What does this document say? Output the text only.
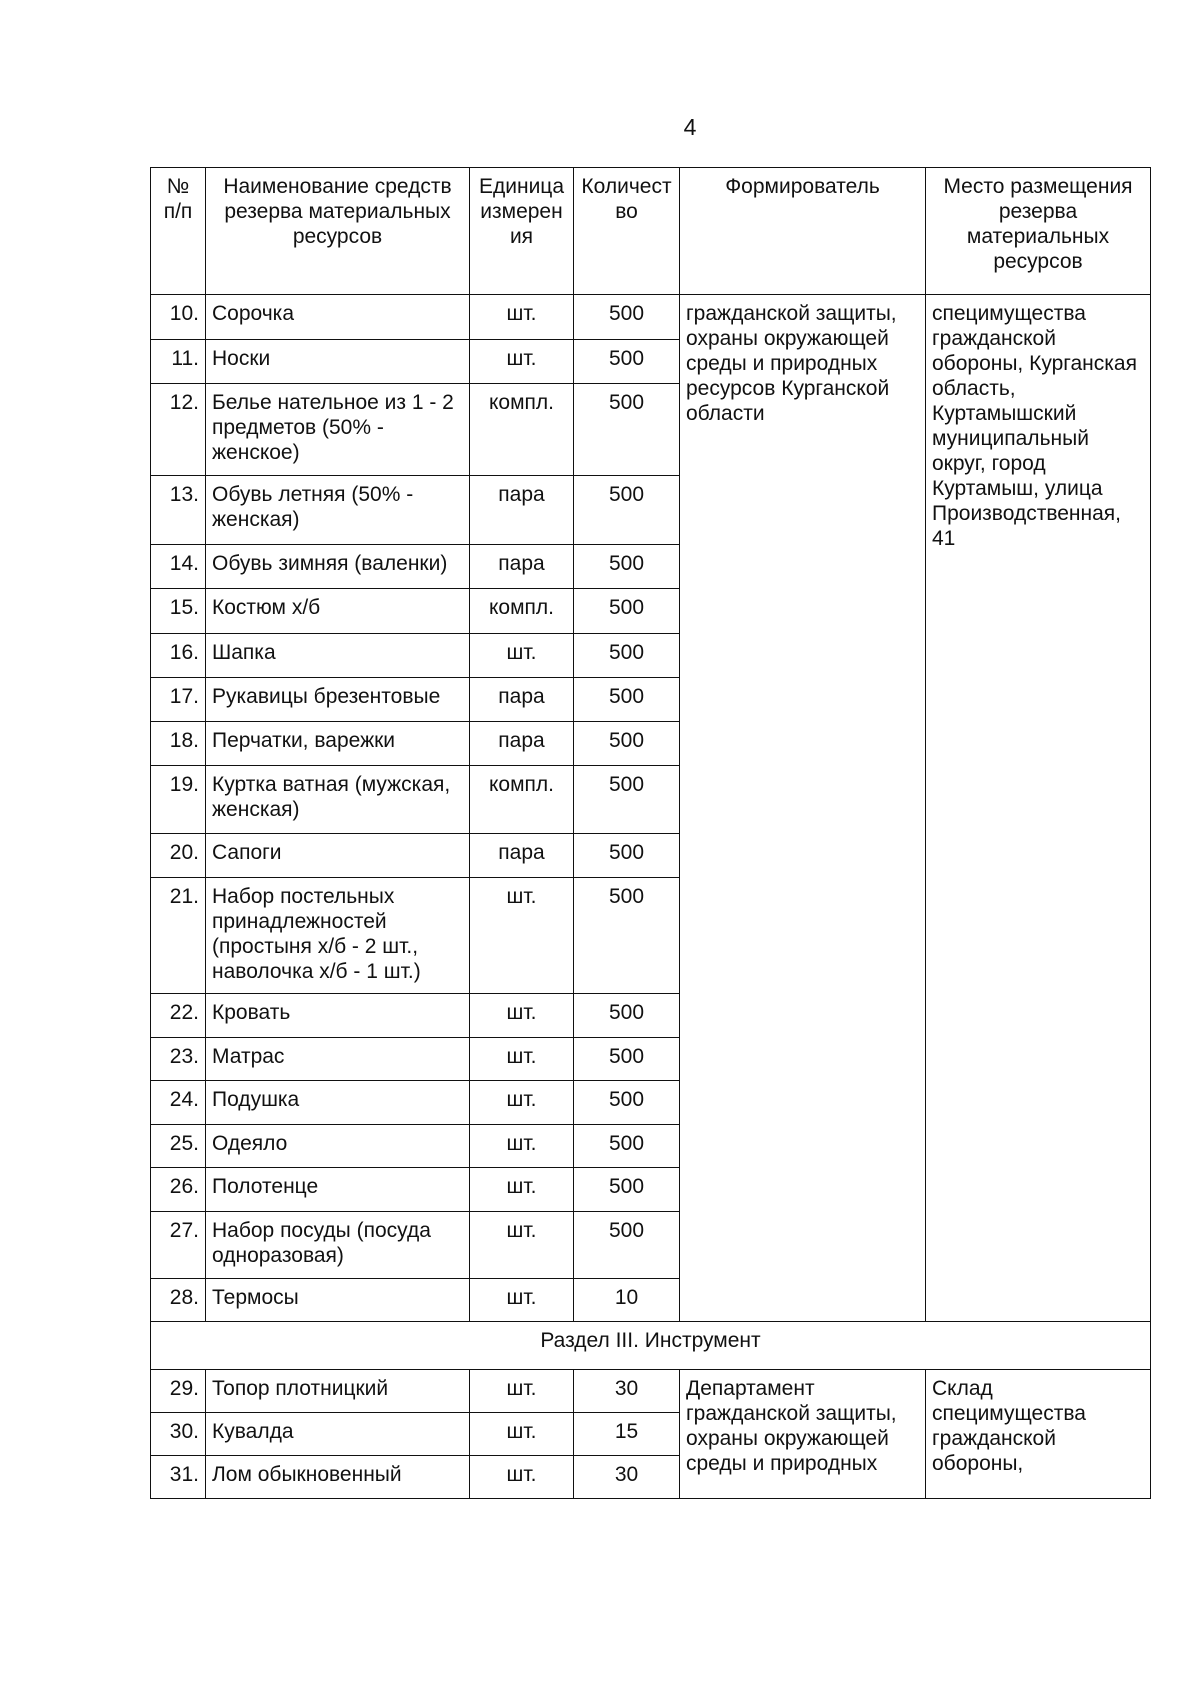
4
№ п/п	Наименование средств резерва материальных ресурсов	Единица измерен ия	Количест во	Формирователь	Место размещения резерва материальных ресурсов
10.	Сорочка	шт.	500	гражданской защиты, охраны окружающей среды и природных ресурсов Курганской области	специмущества гражданской обороны, Курганская область, Куртамышский муниципальный округ, город Куртамыш, улица Производственная, 41
11.	Носки	шт.	500		
12.	Белье нательное из 1 - 2 предметов (50% - женское)	компл.	500		
13.	Обувь летняя (50% - женская)	пара	500		
14.	Обувь зимняя (валенки)	пара	500		
15.	Костюм х/б	компл.	500		
16.	Шапка	шт.	500		
17.	Рукавицы брезентовые	пара	500		
18.	Перчатки, варежки	пара	500		
19.	Куртка ватная (мужская, женская)	компл.	500		
20.	Сапоги	пара	500		
21.	Набор постельных принадлежностей (простыня х/б - 2 шт., наволочка х/б - 1 шт.)	шт.	500		
22.	Кровать	шт.	500		
23.	Матрас	шт.	500		
24.	Подушка	шт.	500		
25.	Одеяло	шт.	500		
26.	Полотенце	шт.	500		
27.	Набор посуды (посуда одноразовая)	шт.	500		
28.	Термосы	шт.	10		
Раздел III. Инструмент					
29.	Топор плотницкий	шт.	30	Департамент гражданской защиты, охраны окружающей среды и природных	Склад специмущества гражданской обороны,
30.	Кувалда	шт.	15		
31.	Лом обыкновенный	шт.	30		
